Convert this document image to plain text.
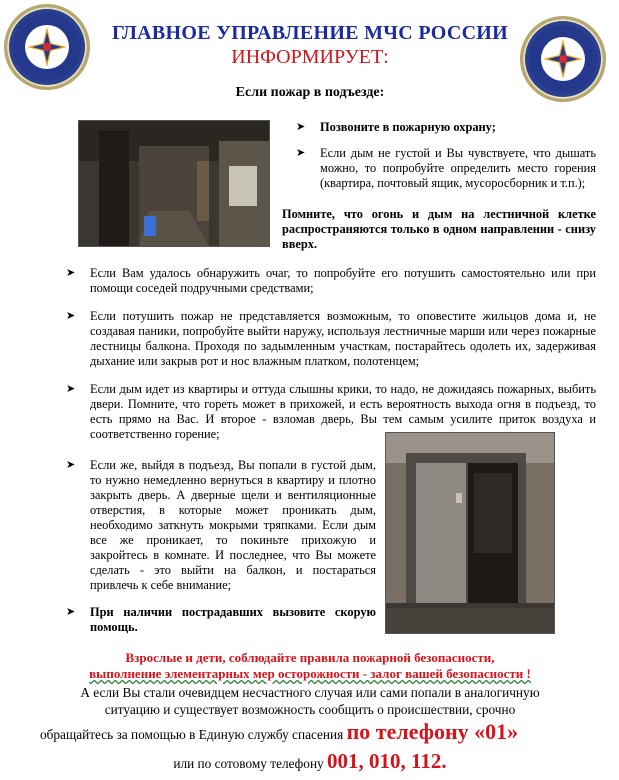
ГЛАВНОЕ УПРАВЛЕНИЕ МЧС РОССИИ
ИНФОРМИРУЕТ:
Если пожар в подъезде:
➤	Позвоните в пожарную охрану;
➤	Если дым не густой и Вы чувствуете, что дышать можно, то попробуйте определить место горения (квартира, почтовый ящик, мусоросборник и т.п.);
Помните, что огонь и дым на лестничной клетке распространяются только в одном направлении - снизу вверх.
➤	Если Вам удалось обнаружить очаг, то попробуйте его потушить самостоятельно или при помощи соседей подручными средствами;
➤	Если потушить пожар не представляется возможным, то оповестите жильцов дома и, не создавая паники, попробуйте выйти наружу, используя лестничные марши или через пожарные лестницы балкона. Проходя по задымленным участкам, постарайтесь одолеть их, задерживая дыхание или закрыв рот и нос влажным платком, полотенцем;
➤	Если дым идет из квартиры и оттуда слышны крики, то надо, не дожидаясь пожарных, выбить двери. Помните, что гореть может в прихожей, и есть вероятность выхода огня в подъезд, то есть прямо на Вас. И второе - взломав дверь, Вы тем самым усилите приток воздуха и соответственно горение;
➤	Если же, выйдя в подъезд, Вы попали в густой дым, то нужно немедленно вернуться в квартиру и плотно закрыть дверь. А дверные щели и вентиляционные отверстия, в которые может проникать дым, необходимо заткнуть мокрыми тряпками. Если дым все же проникает, то покиньте прихожую и закройтесь в комнате. И последнее, что Вы можете сделать - это выйти на балкон, и постараться привлечь к себе внимание;
➤	При наличии пострадавших вызовите скорую помощь.
Взрослые и дети, соблюдайте правила пожарной безопасности,
выполнение элементарных мер осторожности - залог вашей безопасности !
А если Вы стали очевидцем несчастного случая или сами попали в аналогичную
ситуацию и существует возможность сообщить о происшествии, срочно
обращайтесь за помощью в Единую службу спасения по телефону «01»
или по сотовому телефону 001, 010, 112.
